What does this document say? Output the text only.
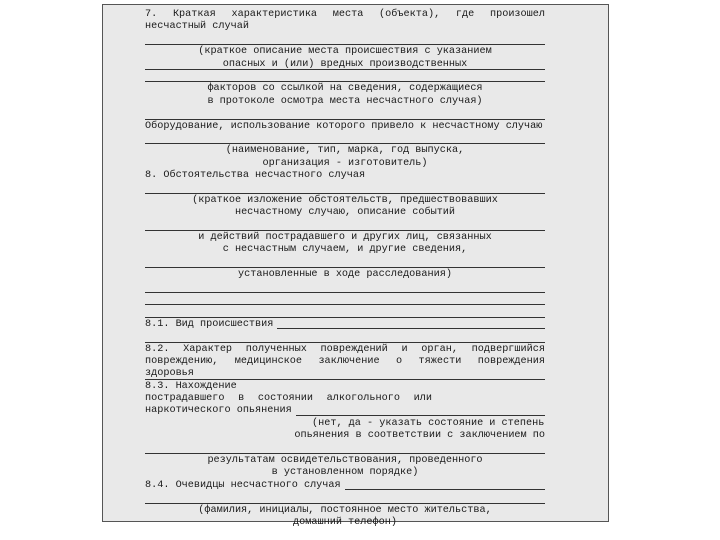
7. Краткая характеристика места (объекта), где произошел
несчастный случай
(краткое описание места происшествия с указанием
опасных и (или) вредных производственных
факторов со ссылкой на сведения, содержащиеся
в протоколе осмотра места несчастного случая)
Оборудование, использование которого привело к несчастному случаю
(наименование, тип, марка, год выпуска,
организация - изготовитель)
8. Обстоятельства несчастного случая
(краткое изложение обстоятельств, предшествовавших
несчастному случаю, описание событий
и действий пострадавшего и других лиц, связанных
с несчастным случаем, и другие сведения,
установленные в ходе расследования)
8.1. Вид происшествия
8.2. Характер полученных повреждений и орган, подвергшийся
повреждению, медицинское заключение о тяжести повреждения здоровья
8.3. Нахождение
пострадавшего в состоянии алкогольного или
наркотического опьянения
(нет, да - указать состояние и степень
опьянения в соответствии с заключением по
результатам освидетельствования, проведенного
в установленном порядке)
8.4. Очевидцы несчастного случая
(фамилия, инициалы, постоянное место жительства,
домашний телефон)
